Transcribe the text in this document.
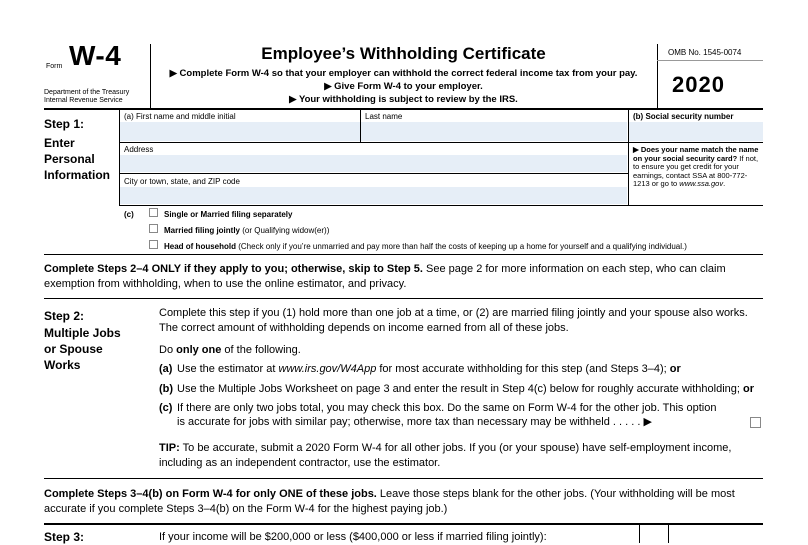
Form W-4
Department of the Treasury
Internal Revenue Service
Employee’s Withholding Certificate
▶ Complete Form W-4 so that your employer can withhold the correct federal income tax from your pay.
▶ Give Form W-4 to your employer.
▶ Your withholding is subject to review by the IRS.
OMB No. 1545-0074
2020
Step 1:
Enter
Personal
Information
(a) First name and middle initial	Last name	(b) Social security number
Address
City or town, state, and ZIP code
▶ Does your name match the name on your social security card? If not, to ensure you get credit for your earnings, contact SSA at 800-772-1213 or go to www.ssa.gov.
(c)	Single or Married filing separately
Married filing jointly (or Qualifying widow(er))
Head of household (Check only if you’re unmarried and pay more than half the costs of keeping up a home for yourself and a qualifying individual.)
Complete Steps 2–4 ONLY if they apply to you; otherwise, skip to Step 5. See page 2 for more information on each step, who can claim exemption from withholding, when to use the online estimator, and privacy.
Step 2:
Multiple Jobs
or Spouse
Works
Complete this step if you (1) hold more than one job at a time, or (2) are married filing jointly and your spouse also works. The correct amount of withholding depends on income earned from all of these jobs.
Do only one of the following.
(a) Use the estimator at www.irs.gov/W4App for most accurate withholding for this step (and Steps 3–4); or
(b) Use the Multiple Jobs Worksheet on page 3 and enter the result in Step 4(c) below for roughly accurate withholding; or
(c) If there are only two jobs total, you may check this box. Do the same on Form W-4 for the other job. This option
is accurate for jobs with similar pay; otherwise, more tax than necessary may be withheld . . . . . ▶
TIP: To be accurate, submit a 2020 Form W-4 for all other jobs. If you (or your spouse) have self-employment income, including as an independent contractor, use the estimator.
Complete Steps 3–4(b) on Form W-4 for only ONE of these jobs. Leave those steps blank for the other jobs. (Your withholding will be most accurate if you complete Steps 3–4(b) on the Form W-4 for the highest paying job.)
Step 3:	If your income will be $200,000 or less ($400,000 or less if married filing jointly):
